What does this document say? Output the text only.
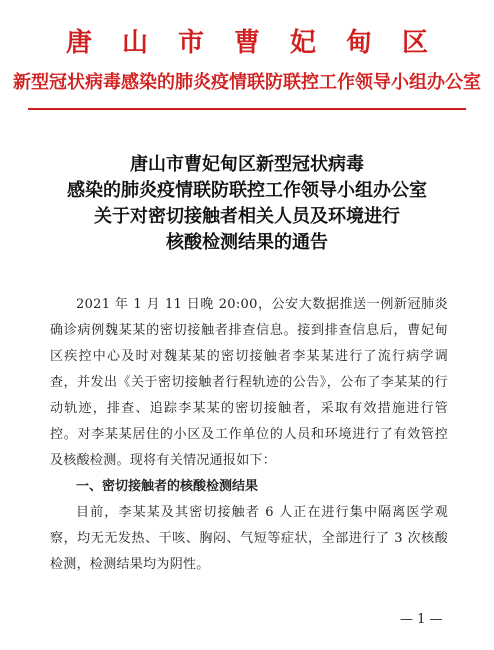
唐山市曹妃甸区
新型冠状病毒感染的肺炎疫情联防联控工作领导小组办公室
唐山市曹妃甸区新型冠状病毒
感染的肺炎疫情联防联控工作领导小组办公室
关于对密切接触者相关人员及环境进行
核酸检测结果的通告

2021 年 1 月 11 日晚 20:00，公安大数据推送一例新冠肺炎确诊病例魏某某的密切接触者排查信息。接到排查信息后，曹妃甸区疾控中心及时对魏某某的密切接触者李某某进行了流行病学调查，并发出《关于密切接触者行程轨迹的公告》，公布了李某某的行动轨迹，排查、追踪李某某的密切接触者，采取有效措施进行管控。对李某某居住的小区及工作单位的人员和环境进行了有效管控及核酸检测。现将有关情况通报如下：

一、密切接触者的核酸检测结果

目前，李某某及其密切接触者 6 人正在进行集中隔离医学观察，均无无发热、干咳、胸闷、气短等症状，全部进行了 3 次核酸检测，检测结果均为阴性。

— 1 —
